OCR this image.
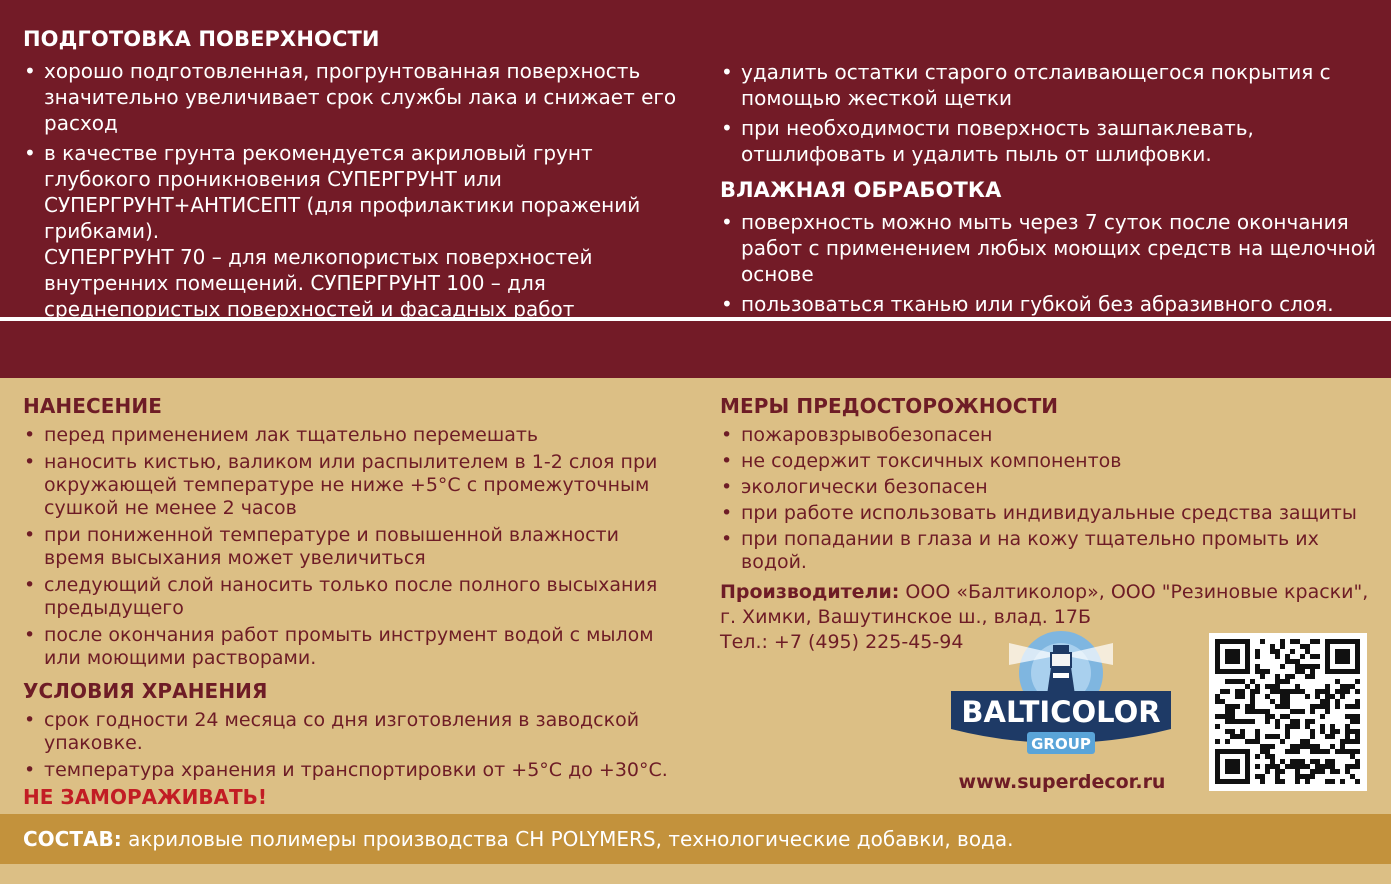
ПОДГОТОВКА ПОВЕРХНОСТИ
• хорошо подготовленная, прогрунтованная поверхность значительно увеличивает срок службы лака и снижает его расход
• в качестве грунта рекомендуется акриловый грунт глубокого проникновения СУПЕРГРУНТ или СУПЕРГРУНТ+АНТИСЕПТ (для профилактики поражений грибками).
СУПЕРГРУНТ 70 – для мелкопористых поверхностей внутренних помещений. СУПЕРГРУНТ 100 – для среднепористых поверхностей и фасадных работ
• удалить остатки старого отслаивающегося покрытия с помощью жесткой щетки
• при необходимости поверхность зашпаклевать, отшлифовать и удалить пыль от шлифовки.
ВЛАЖНАЯ ОБРАБОТКА
• поверхность можно мыть через 7 суток после окончания работ с применением любых моющих средств на щелочной основе
• пользоваться тканью или губкой без абразивного слоя.
НАНЕСЕНИЕ
• перед применением лак тщательно перемешать
• наносить кистью, валиком или распылителем в 1-2 слоя при окружающей температуре не ниже +5°С с промежуточным сушкой не менее 2 часов
• при пониженной температуре и повышенной влажности время высыхания может увеличиться
• следующий слой наносить только после полного высыхания предыдущего
• после окончания работ промыть инструмент водой с мылом или моющими растворами.
УСЛОВИЯ ХРАНЕНИЯ
• срок годности 24 месяца со дня изготовления в заводской упаковке.
• температура хранения и транспортировки от +5°С до +30°С.
НЕ ЗАМОРАЖИВАТЬ!
МЕРЫ ПРЕДОСТОРОЖНОСТИ
• пожаровзрывобезопасен
• не содержит токсичных компонентов
• экологически безопасен
• при работе использовать индивидуальные средства защиты
• при попадании в глаза и на кожу тщательно промыть их водой.
Производители: ООО «Балтиколор», ООО "Резиновые краски",
г. Химки, Вашутинское ш., влад. 17Б
Тел.: +7 (495) 225-45-94
BALTICOLOR
GROUP
www.superdecor.ru
СОСТАВ: акриловые полимеры производства CH POLYMERS, технологические добавки, вода.
